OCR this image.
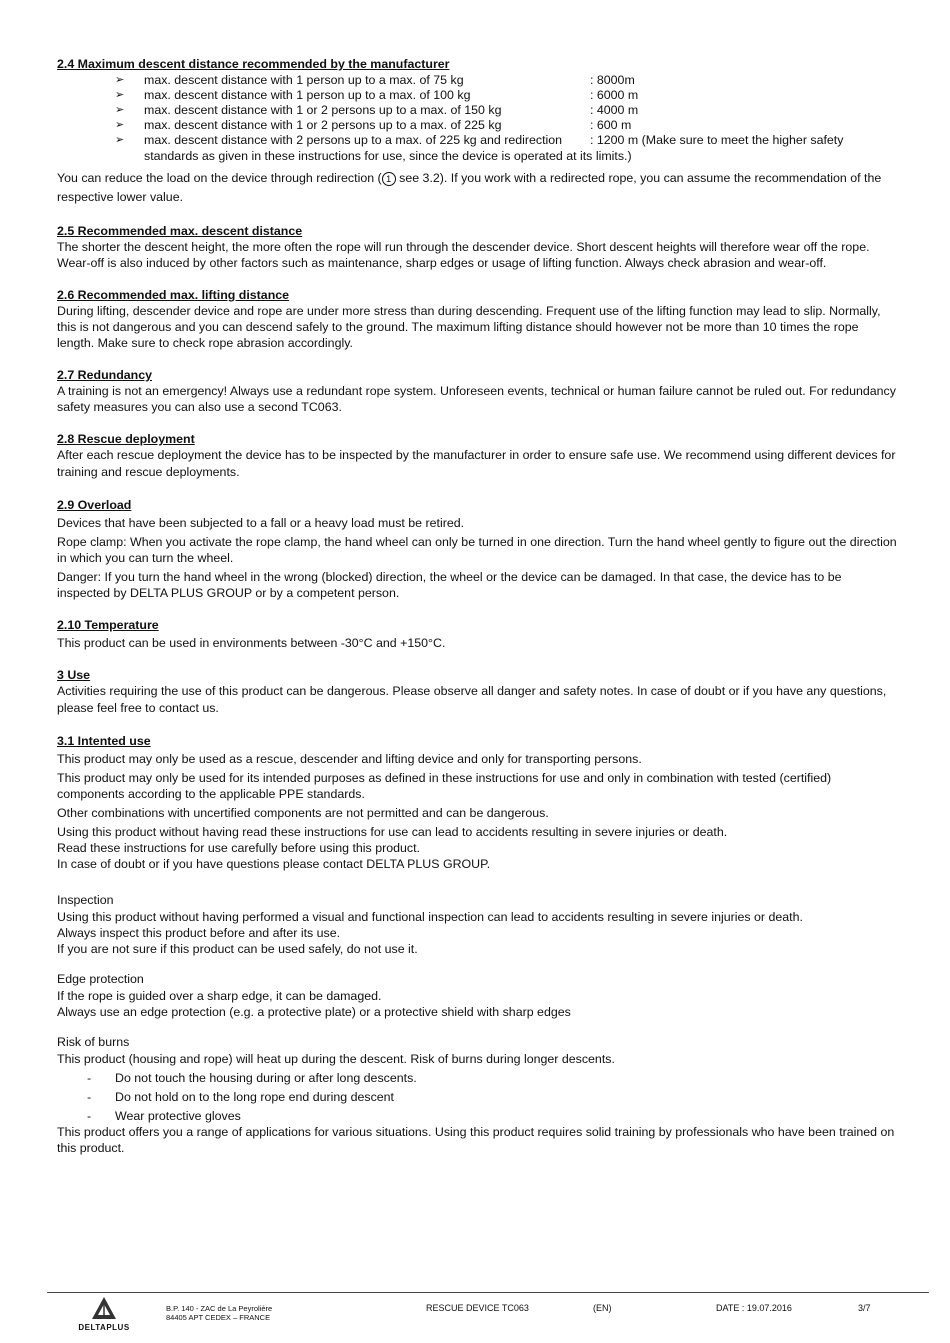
2.4 Maximum descent distance recommended by the manufacturer

➢ max. descent distance with 1 person up to a max. of 75 kg	: 8000m
➢ max. descent distance with 1 person up to a max. of 100 kg	: 6000 m
➢ max. descent distance with 1 or 2 persons up to a max. of 150 kg	: 4000 m
➢ max. descent distance with 1 or 2 persons up to a max. of 225 kg	: 600 m
➢ max. descent distance with 2 persons up to a max. of 225 kg and redirection : 1200 m (Make sure to meet the higher safety

standards as given in these instructions for use, since the device is operated at its limits.)

You can reduce the load on the device through redirection ( 1 see 3.2). If you work with a redirected rope, you can assume the recommendation of the respective lower value.

2.5 Recommended max. descent distance

The shorter the descent height, the more often the rope will run through the descender device. Short descent heights will therefore wear off the rope. Wear-off is also induced by other factors such as maintenance, sharp edges or usage of lifting function. Always check abrasion and wear-off.

2.6 Recommended max. lifting distance

During lifting, descender device and rope are under more stress than during descending. Frequent use of the lifting function may lead to slip. Normally, this is not dangerous and you can descend safely to the ground. The maximum lifting distance should however not be more than 10 times the rope length. Make sure to check rope abrasion accordingly.

2.7 Redundancy

A training is not an emergency! Always use a redundant rope system. Unforeseen events, technical or human failure cannot be ruled out. For redundancy safety measures you can also use a second TC063.

2.8 Rescue deployment

After each rescue deployment the device has to be inspected by the manufacturer in order to ensure safe use. We recommend using different devices for training and rescue deployments.

2.9 Overload

Devices that have been subjected to a fall or a heavy load must be retired.

Rope clamp: When you activate the rope clamp, the hand wheel can only be turned in one direction. Turn the hand wheel gently to figure out the direction in which you can turn the wheel.

Danger: If you turn the hand wheel in the wrong (blocked) direction, the wheel or the device can be damaged. In that case, the device has to be inspected by DELTA PLUS GROUP or by a competent person.

2.10 Temperature

This product can be used in environments between -30°C and +150°C.

3 Use

Activities requiring the use of this product can be dangerous. Please observe all danger and safety notes. In case of doubt or if you have any questions, please feel free to contact us.

3.1 Intented use

This product may only be used as a rescue, descender and lifting device and only for transporting persons.

This product may only be used for its intended purposes as defined in these instructions for use and only in combination with tested (certified) components according to the applicable PPE standards.

Other combinations with uncertified components are not permitted and can be dangerous.

Using this product without having read these instructions for use can lead to accidents resulting in severe injuries or death.

Read these instructions for use carefully before using this product.

In case of doubt or if you have questions please contact DELTA PLUS GROUP.

Inspection

Using this product without having performed a visual and functional inspection can lead to accidents resulting in severe injuries or death.

Always inspect this product before and after its use.

If you are not sure if this product can be used safely, do not use it.

Edge protection

If the rope is guided over a sharp edge, it can be damaged.

Always use an edge protection (e.g. a protective plate) or a protective shield with sharp edges

Risk of burns

This product (housing and rope) will heat up during the descent. Risk of burns during longer descents.

- Do not touch the housing during or after long descents.
- Do not hold on to the long rope end during descent
- Wear protective gloves

This product offers you a range of applications for various situations. Using this product requires solid training by professionals who have been trained on this product.

DELTAPLUS
B.P. 140 - ZAC de La Peyrolière
84405 APT CEDEX – FRANCE
RESCUE DEVICE TC063	(EN)	DATE : 19.07.2016	3/7
